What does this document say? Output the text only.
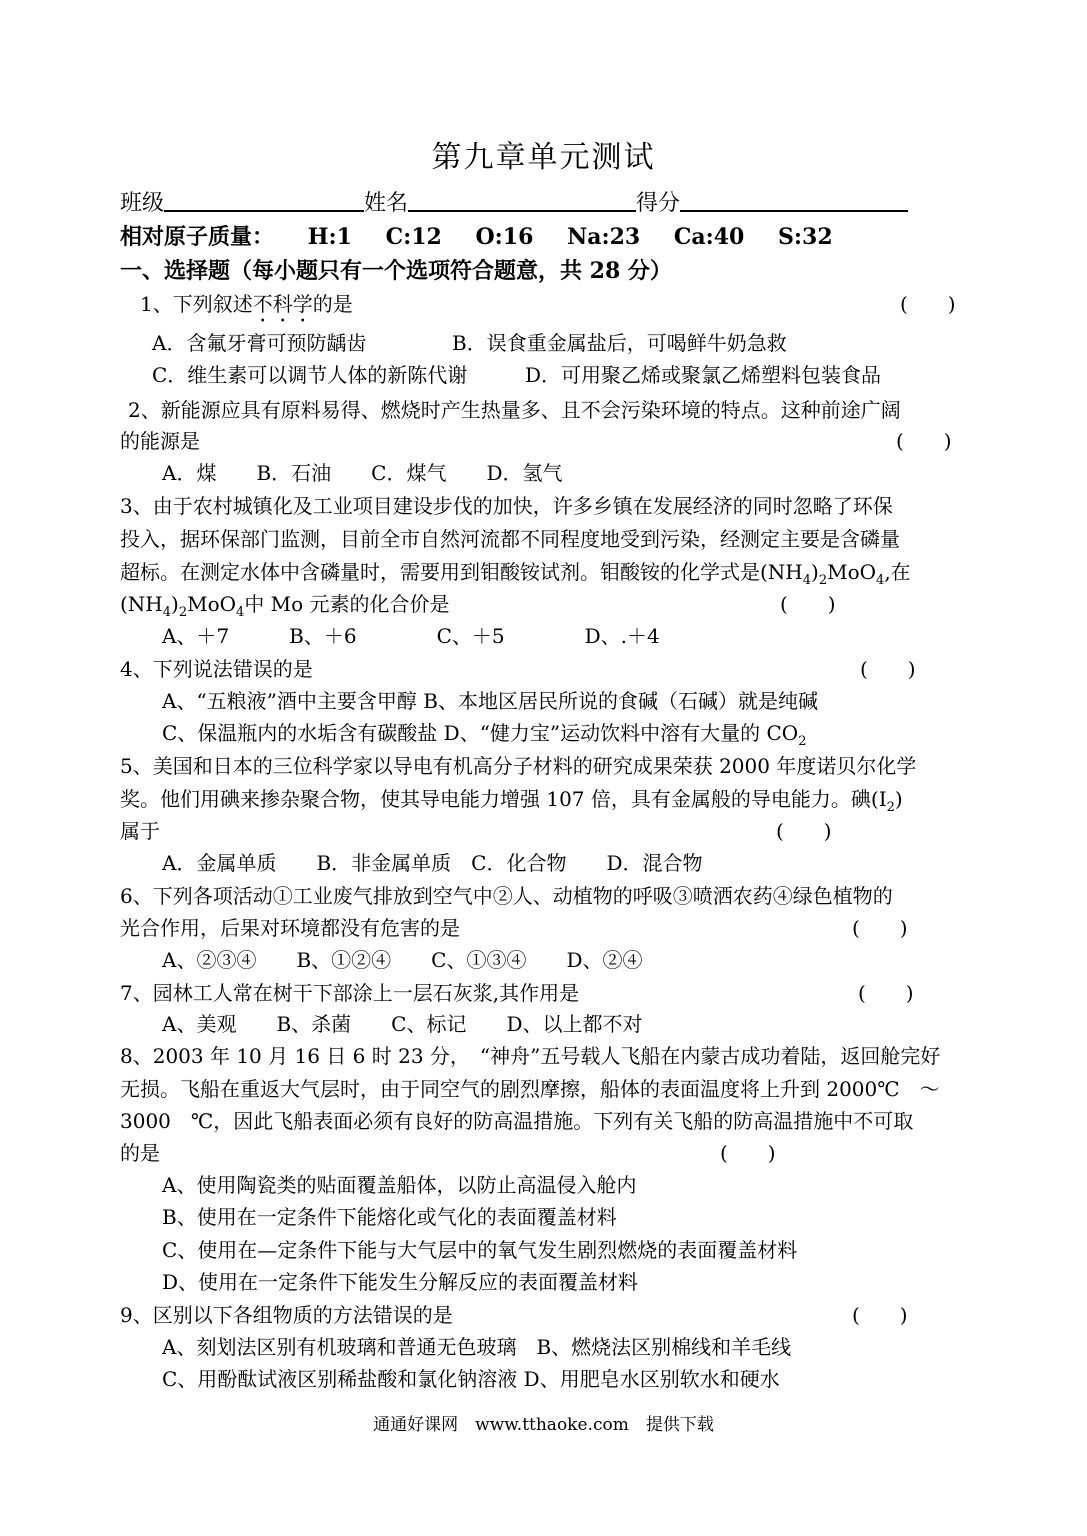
第九章单元测试
班级	姓名	得分
相对原子质量： H:1 C:12 O:16 Na:23 Ca:40 S:32
一、选择题（每小题只有一个选项符合题意，共 28 分）
1、下列叙述不科学的是	(　　)
A．含氟牙膏可预防龋齿	B．误食重金属盐后，可喝鲜牛奶急救
C．维生素可以调节人体的新陈代谢	D．可用聚乙烯或聚氯乙烯塑料包装食品
2、新能源应具有原料易得、燃烧时产生热量多、且不会污染环境的特点。这种前途广阔
的能源是	(　　)
A．煤　　B．石油　　C．煤气　　D．氢气
3、由于农村城镇化及工业项目建设步伐的加快，许多乡镇在发展经济的同时忽略了环保
投入，据环保部门监测，目前全市自然河流都不同程度地受到污染，经测定主要是含磷量
超标。在测定水体中含磷量时，需要用到钼酸铵试剂。钼酸铵的化学式是$(NH_4)_2MoO_4$,在
$(NH_4)_2MoO_4$中 Mo 元素的化合价是	(　　)
A、＋7　　　B、＋6　　　　C、＋5　　　　D、.＋4
4、下列说法错误的是	(　　)
A、“五粮液”酒中主要含甲醇 B、本地区居民所说的食碱（石碱）就是纯碱
C、保温瓶内的水垢含有碳酸盐 D、“健力宝”运动饮料中溶有大量的 $CO_2$
5、美国和日本的三位科学家以导电有机高分子材料的研究成果荣获 2000 年度诺贝尔化学
奖。他们用碘来掺杂聚合物，使其导电能力增强 107 倍，具有金属般的导电能力。碘$(I_2)$
属于	(　　)
A．金属单质　　B．非金属单质　C．化合物　　D．混合物
6、下列各项活动①工业废气排放到空气中②人、动植物的呼吸③喷洒农药④绿色植物的
光合作用，后果对环境都没有危害的是	(　　)
A、②③④　　B、①②④　　C、①③④　　D、②④
7、园林工人常在树干下部涂上一层石灰浆,其作用是	(　　)
A、美观　　B、杀菌　　C、标记　　D、以上都不对
8、2003 年 10 月 16 日 6 时 23 分，　“神舟”五号载人飞船在内蒙古成功着陆，返回舱完好
无损。飞船在重返大气层时，由于同空气的剧烈摩擦，船体的表面温度将上升到 2000℃　～
3000　℃，因此飞船表面必须有良好的防高温措施。下列有关飞船的防高温措施中不可取
的是	(　　)
A、使用陶瓷类的贴面覆盖船体，以防止高温侵入舱内
B、使用在一定条件下能熔化或气化的表面覆盖材料
C、使用在—定条件下能与大气层中的氧气发生剧烈燃烧的表面覆盖材料
D、使用在一定条件下能发生分解反应的表面覆盖材料
9、区别以下各组物质的方法错误的是	(　　)
A、刻划法区别有机玻璃和普通无色玻璃　B、燃烧法区别棉线和羊毛线
C、用酚酞试液区别稀盐酸和氯化钠溶液 D、用肥皂水区别软水和硬水
通通好课网　www.tthaoke.com　提供下载
